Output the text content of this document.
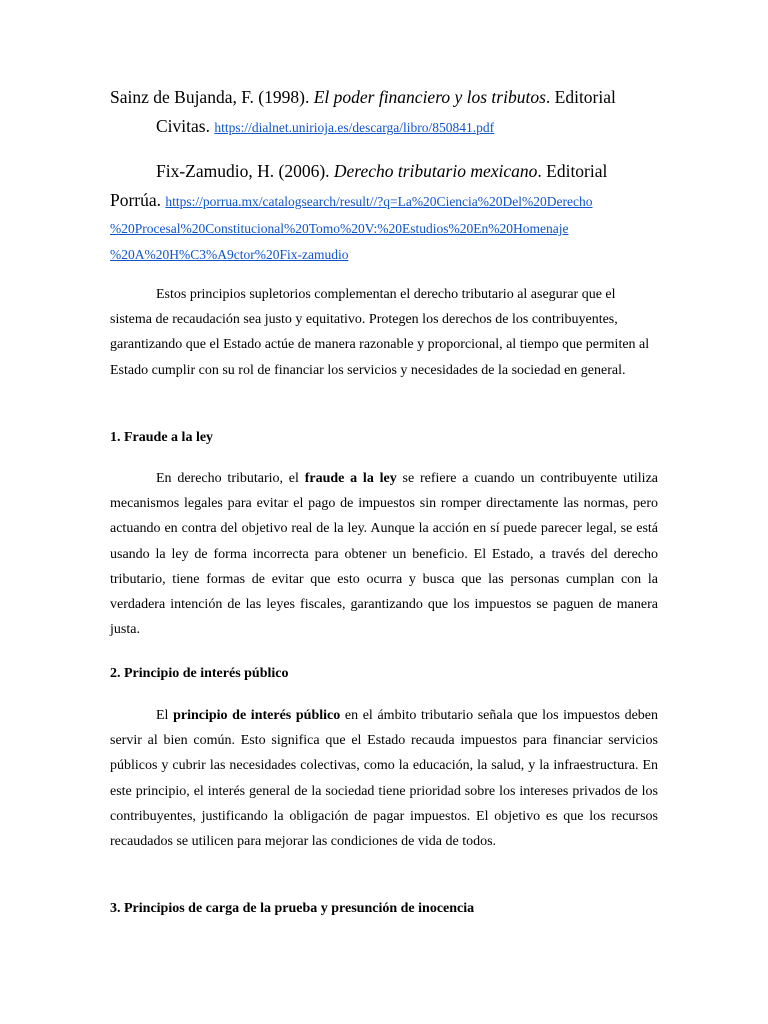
Sainz de Bujanda, F. (1998). El poder financiero y los tributos. Editorial
Civitas. https://dialnet.unirioja.es/descarga/libro/850841.pdf

Fix-Zamudio, H. (2006). Derecho tributario mexicano. Editorial
Porrúa. https://porrua.mx/catalogsearch/result//?q=La%20Ciencia%20Del%20Derecho
%20Procesal%20Constitucional%20Tomo%20V:%20Estudios%20En%20Homenaje
%20A%20H%C3%A9ctor%20Fix-zamudio

Estos principios supletorios complementan el derecho tributario al asegurar que el sistema de recaudación sea justo y equitativo. Protegen los derechos de los contribuyentes, garantizando que el Estado actúe de manera razonable y proporcional, al tiempo que permiten al Estado cumplir con su rol de financiar los servicios y necesidades de la sociedad en general.

1. Fraude a la ley

En derecho tributario, el fraude a la ley se refiere a cuando un contribuyente utiliza mecanismos legales para evitar el pago de impuestos sin romper directamente las normas, pero actuando en contra del objetivo real de la ley. Aunque la acción en sí puede parecer legal, se está usando la ley de forma incorrecta para obtener un beneficio. El Estado, a través del derecho tributario, tiene formas de evitar que esto ocurra y busca que las personas cumplan con la verdadera intención de las leyes fiscales, garantizando que los impuestos se paguen de manera justa.

2. Principio de interés público

El principio de interés público en el ámbito tributario señala que los impuestos deben servir al bien común. Esto significa que el Estado recauda impuestos para financiar servicios públicos y cubrir las necesidades colectivas, como la educación, la salud, y la infraestructura. En este principio, el interés general de la sociedad tiene prioridad sobre los intereses privados de los contribuyentes, justificando la obligación de pagar impuestos. El objetivo es que los recursos recaudados se utilicen para mejorar las condiciones de vida de todos.

3. Principios de carga de la prueba y presunción de inocencia
